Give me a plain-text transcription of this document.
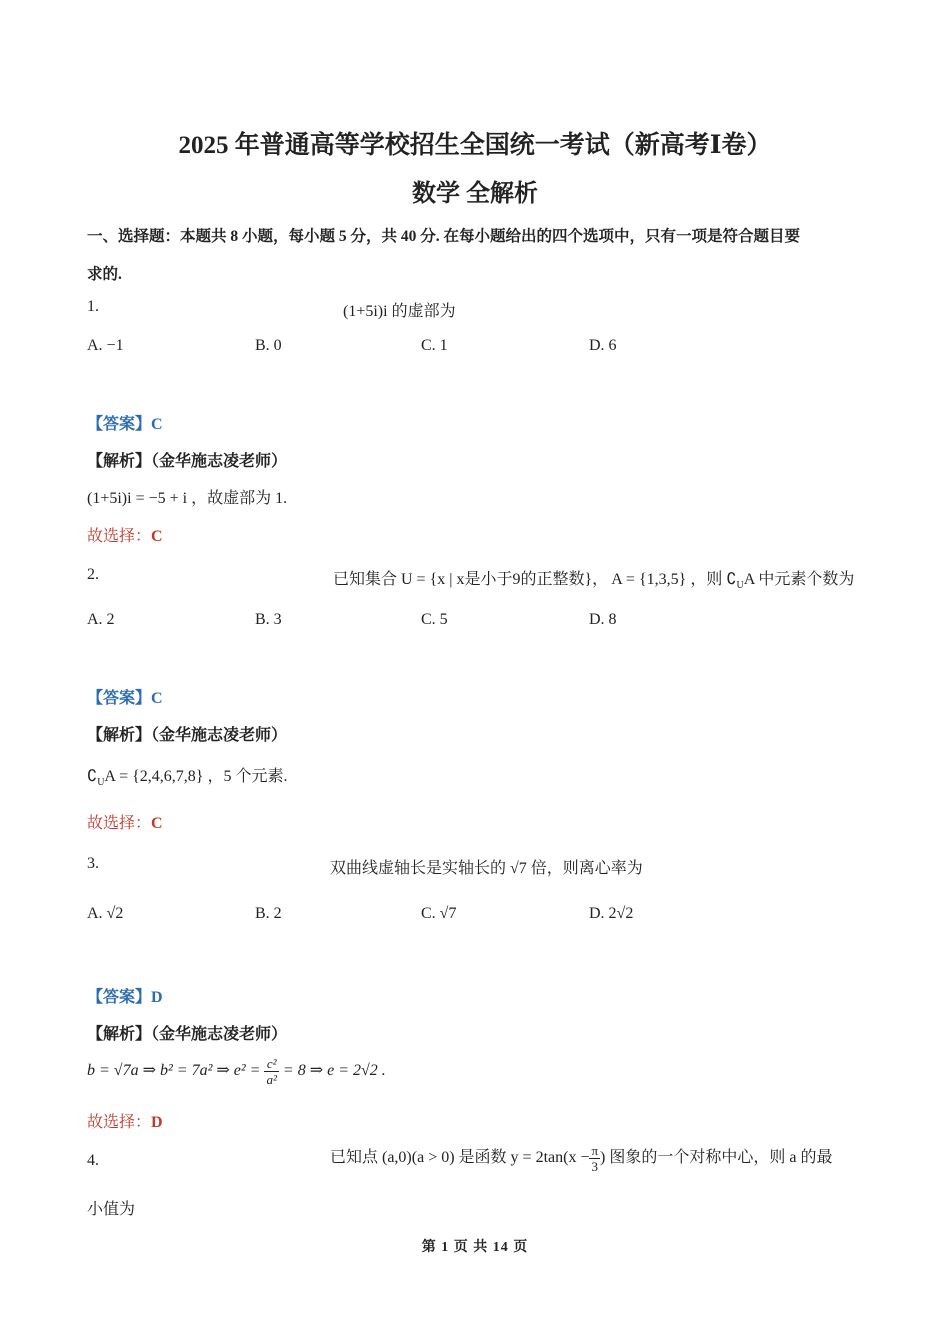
2025 年普通高等学校招生全国统一考试（新高考Ⅰ卷）
数学 全解析
一、选择题：本题共 8 小题，每小题 5 分，共 40 分. 在每小题给出的四个选项中，只有一项是符合题目要
求的.
1.	(1+5i)i 的虚部为
A. −1	B. 0	C. 1	D. 6
【答案】C
【解析】（金华施志凌老师）
(1+5i)i = −5 + i ，故虚部为 1.
故选择：C
2.	已知集合 U = {x | x是小于9的正整数}， A = {1,3,5} ，则 $∁_UA$ 中元素个数为
A. 2	B. 3	C. 5	D. 8
【答案】C
【解析】（金华施志凌老师）
$∁_UA = \{2,4,6,7,8\}$ ，5 个元素.
故选择：C
3.	双曲线虚轴长是实轴长的 √7 倍，则离心率为
A. √2	B. 2	C. √7	D. 2√2
【答案】D
【解析】（金华施志凌老师）
b = √7a ⇒ b² = 7a² ⇒ $e^2 = \frac{\text{c²}}{\text{a²}} = 8$ ⇒ e = 2√2 .
故选择：D
4.	已知点 (a,0)(a > 0) 是函数 $y = 2\tan(x - \frac{\pi}{3}$ ) 图象的一个对称中心，则 a 的最
小值为
第 1 页 共 14 页
